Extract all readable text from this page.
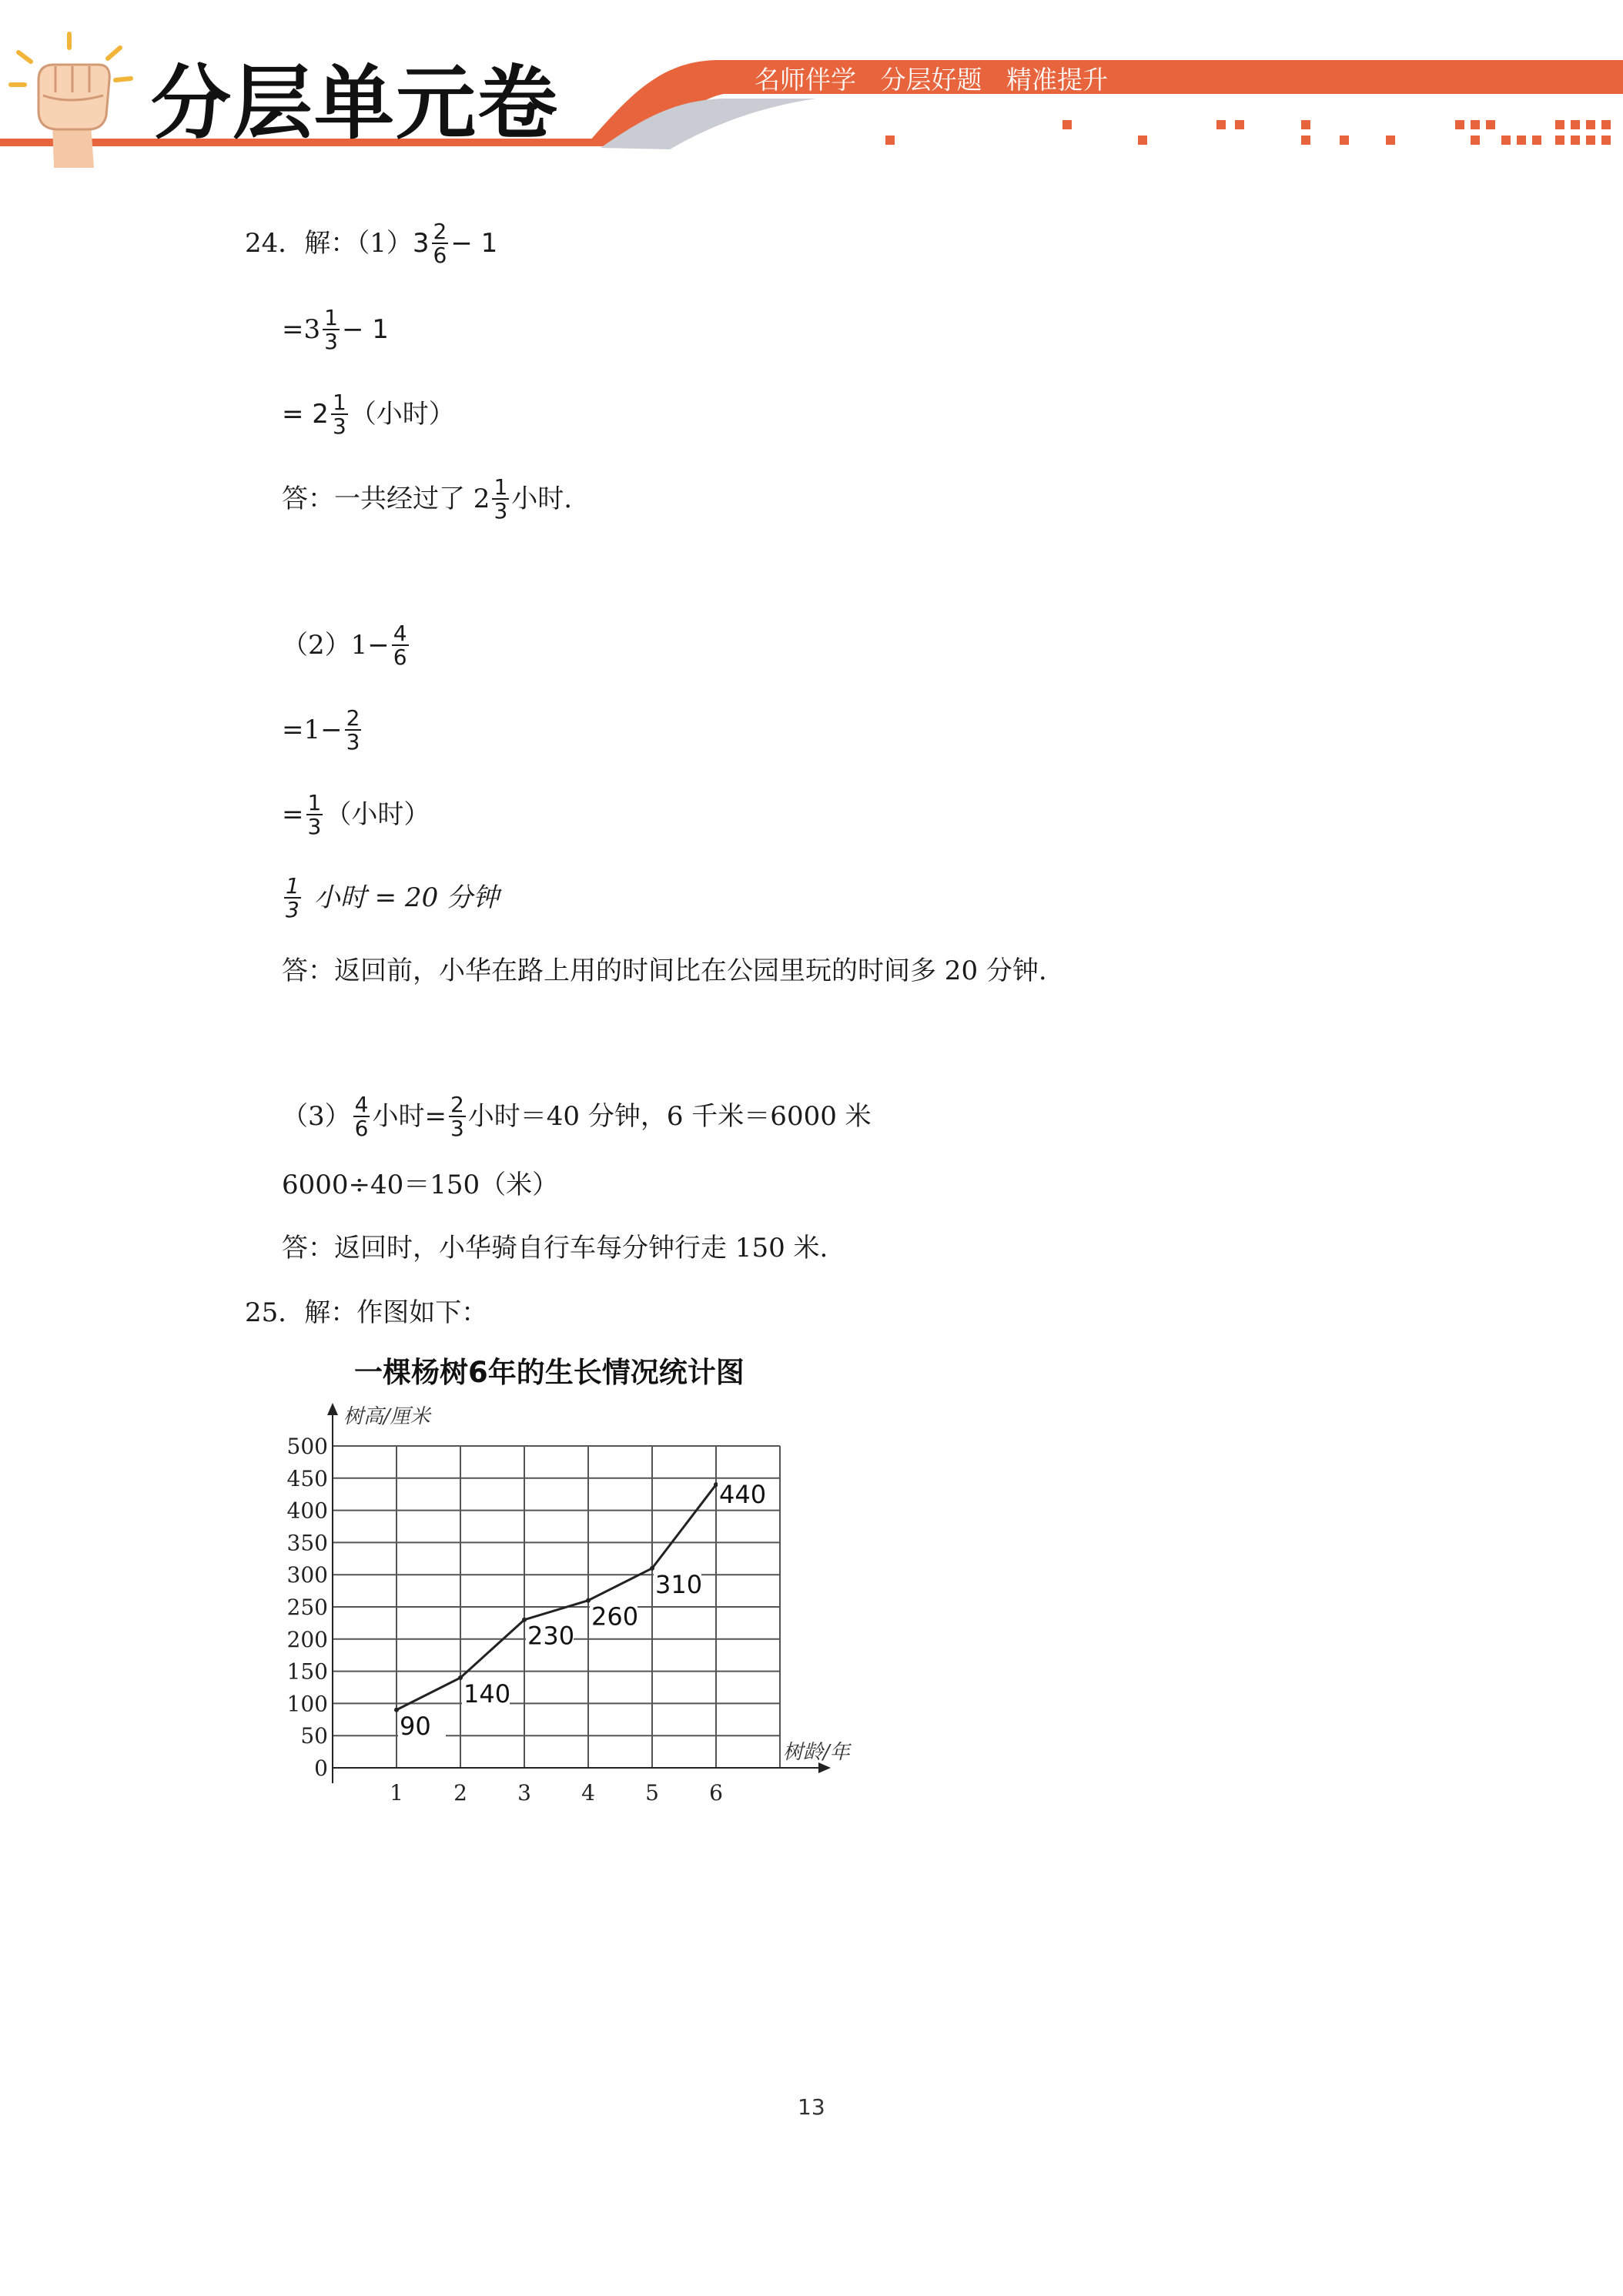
分层单元卷	名师伴学   分层好题   精准提升
24．解：（1） $3 \frac{2}{6} - 1$
$=3 \frac{1}{3} - 1$
= $2 \frac{1}{3}$ （小时）
答：一共经过了 $2 \frac{1}{3}$ 小时.
$(2)1- \frac{4}{6}$
$=1- \frac{2}{3}$
= $\frac{1}{3}$ （小时）
$\frac{1}{3}$ 小时 = 20 分钟
答：返回前，小华在路上用的时间比在公园里玩的时间多 20 分钟.
$(3) \frac{4}{6}$ 小时= $\frac{2}{3}$ 小时＝40 分钟，6 千米＝6000 米
6000÷40＝150（米）
答：返回时，小华骑自行车每分钟行走 150 米.
25．解：作图如下：
一棵杨树6年的生长情况统计图
0
50
100
150
200
250
300
350
400
450
500
树高/厘米
树龄/年
1 2 3 4 5 6
90
140
230
260
310
440
13
